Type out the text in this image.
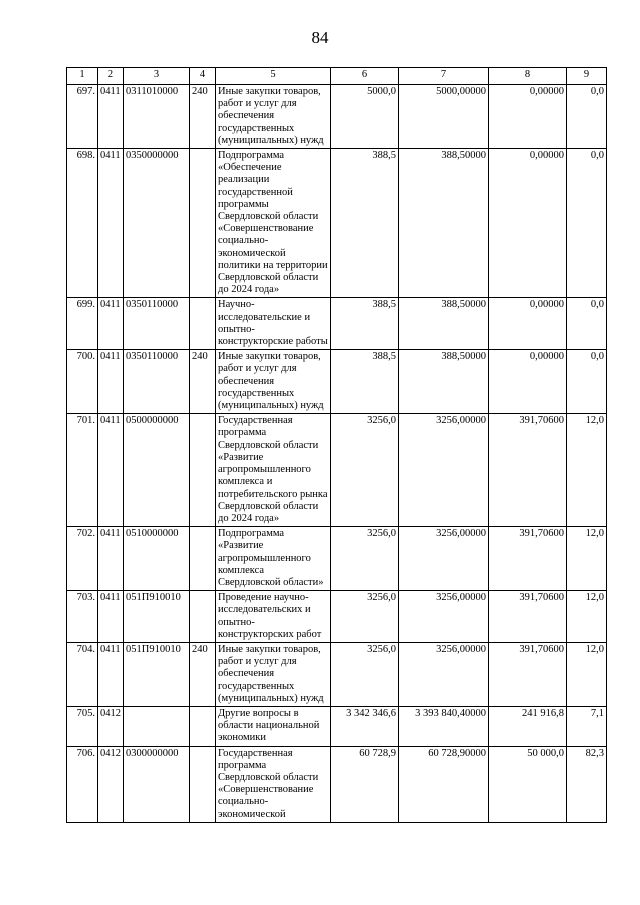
84
1	2	3	4	5	6	7	8	9
697.	0411	0311010000	240	Иные закупки товаров, работ и услуг для обеспечения государственных (муниципальных) нужд	5000,0	5000,00000	0,00000	0,0
698.	0411	0350000000		Подпрограмма «Обеспечение реализации государственной программы Свердловской области «Совершенствование социально-экономической политики на территории Свердловской области до 2024 года»	388,5	388,50000	0,00000	0,0
699.	0411	0350110000		Научно-исследовательские и опытно-конструкторские работы	388,5	388,50000	0,00000	0,0
700.	0411	0350110000	240	Иные закупки товаров, работ и услуг для обеспечения государственных (муниципальных) нужд	388,5	388,50000	0,00000	0,0
701.	0411	0500000000		Государственная программа Свердловской области «Развитие агропромышленного комплекса и потребительского рынка Свердловской области до 2024 года»	3256,0	3256,00000	391,70600	12,0
702.	0411	0510000000		Подпрограмма «Развитие агропромышленного комплекса Свердловской области»	3256,0	3256,00000	391,70600	12,0
703.	0411	051П910010		Проведение научно-исследовательских и опытно-конструкторских работ	3256,0	3256,00000	391,70600	12,0
704.	0411	051П910010	240	Иные закупки товаров, работ и услуг для обеспечения государственных (муниципальных) нужд	3256,0	3256,00000	391,70600	12,0
705.	0412			Другие вопросы в области национальной экономики	3 342 346,6	3 393 840,40000	241 916,8	7,1
706.	0412	0300000000		Государственная программа Свердловской области «Совершенствование социально-экономической	60 728,9	60 728,90000	50 000,0	82,3
